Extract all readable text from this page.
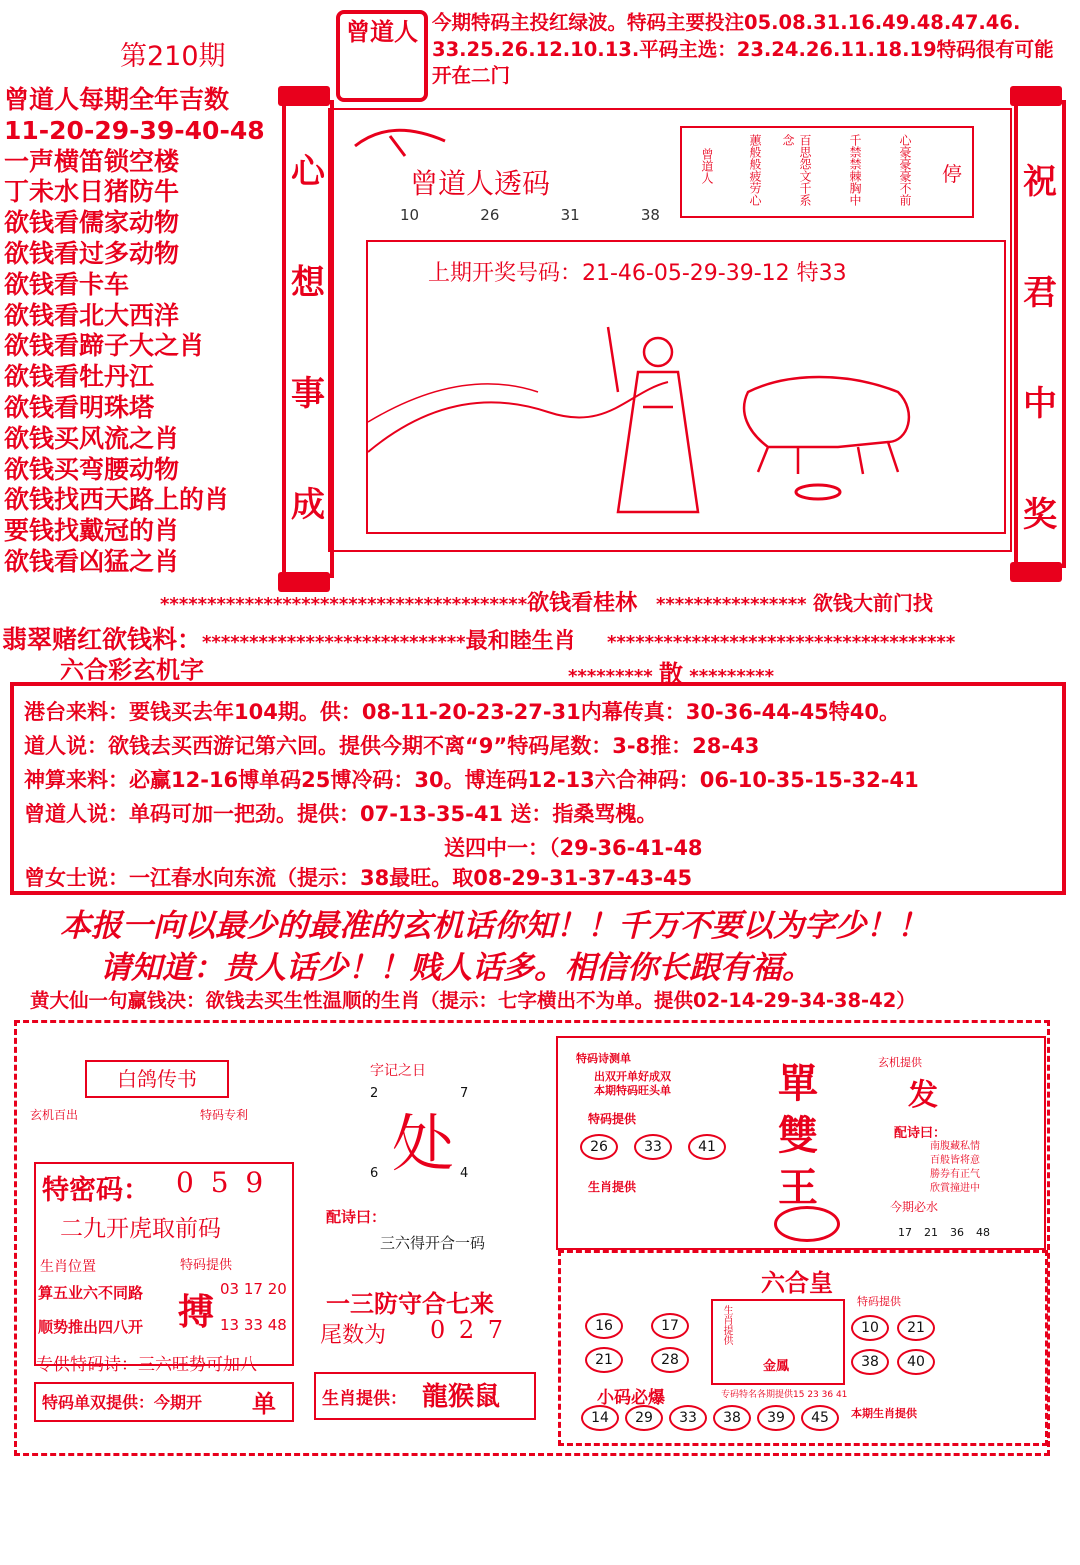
第210期
曾道人每期全年吉数
11-20-29-39-40-48
一声横笛锁空楼
丁未水日猪防牛
欲钱看儒家动物
欲钱看过多动物
欲钱看卡车
欲钱看北大西洋
欲钱看蹄子大之肖
欲钱看牡丹江
欲钱看明珠塔
欲钱买风流之肖
欲钱买弯腰动物
欲钱找西天路上的肖
要钱找戴冠的肖
欲钱看凶猛之肖
心
想
事
成
祝
君
中
奖
曾道人 今期特码主投红绿波。特码主要投注05.08.31.16.49.48.47.46.
33.25.26.12.10.13.平码主选：23.24.26.11.18.19特码很有可能
开在二门
曾道人透码
10	26	31	38
停
心豪豪豪不前
千禁禁棘胸中
百思怨文千系念
蕙般般疲劳心
曾道人
上期开奖号码：21-46-05-29-39-12 特33
***************************************欲钱看桂林 **************** 欲钱大前门找
翡翠赌红欲钱料：****************************最和睦生肖 *************************************
六合彩玄机字	********* 散 *********
港台来料：要钱买去年104期。供：08-11-20-23-27-31内幕传真：30-36-44-45特40。
道人说：欲钱去买西游记第六回。提供今期不离“9”特码尾数：3-8推：28-43
神算来料：必赢12-16博单码25博冷码：30。博连码12-13六合神码：06-10-35-15-32-41
曾道人说：单码可加一把劲。提供：07-13-35-41 送：指桑骂槐。
送四中一：（29-36-41-48
曾女士说：一江春水向东流（提示：38最旺。取08-29-31-37-43-45
本报一向以最少的最准的玄机话你知！！千万不要以为字少！！
请知道：贵人话少！！贱人话多。相信你长跟有福。
黄大仙一句赢钱决：欲钱去买生性温顺的生肖（提示：七字横出不为单。提供02-14-29-34-38-42）
白鸽传书
玄机百出	特码专利
特密码： 0 5 9
二九开虎取前码
生肖位置
算五业六不同路
顺势推出四八开
特码提供
搏
03 17 20
13 33 48
专供特码诗：三六旺势可加八
特码单双提供：今期开 单
字记之日
2	7
处
6	4
配诗曰：
三六得开合一码
一三防守合七来
尾数为 0 2 7
生肖提供： 龍猴鼠
特码诗测单
出双开单好成双
本期特码旺头单
特码提供
26	33	41
生肖提供
單
雙
王
玄机提供
发
配诗曰：
南腹藏私情
百般皆将意
勝券有正气
欣賞撞进中
今期必水
17 21 36 48
六合皇
16	17
21	28
生肖提供
金鳳
特码提供
10	21
38	40
小码必爆	专码特名各期提供15 23 36 41
14	29	33	38	39	45	本期生肖提供
